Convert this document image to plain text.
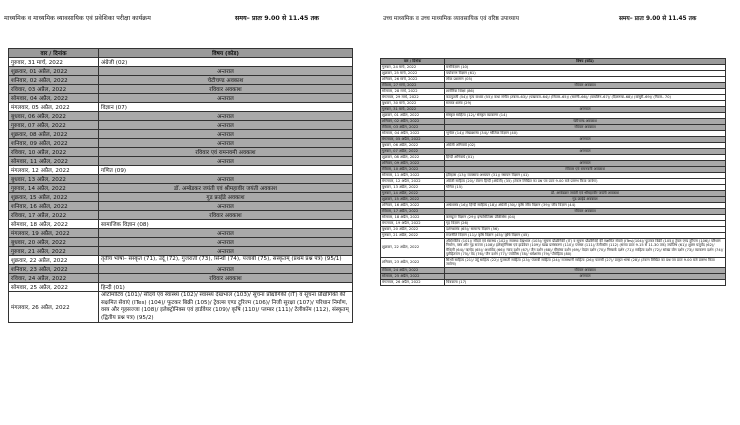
माध्यमिक व माध्यमिक व्यावसायिक एवं प्रवेशिका परीक्षा कार्यक्रम	समय– प्रातः 9.00 से 11.45 तक
वार / दिनांक	विषय (कोड)
गुरुवार, 31 मार्च, 2022	अंग्रेजी (02)
शुक्रवार, 01 अप्रैल, 2022	अन्तराल
शनिवार, 02 अप्रैल, 2022	चेटीचण्ड अवकाश
रविवार, 03 अप्रैल, 2022	रविवार अवकाश
सोमवार, 04 अप्रैल, 2022	अन्तराल
मंगलवार, 05 अप्रैल, 2022	विज्ञान (07)
बुधवार, 06 अप्रैल, 2022	अन्तराल
गुरुवार, 07 अप्रैल, 2022	अन्तराल
शुक्रवार, 08 अप्रैल, 2022	अन्तराल
शनिवार, 09 अप्रैल, 2022	अन्तराल
रविवार, 10 अप्रैल, 2022	रविवार एवं रामनवमी अवकाश
सोमवार, 11 अप्रैल, 2022	अन्तराल
मंगलवार, 12 अप्रैल, 2022	गणित (09)
बुधवार, 13 अप्रैल, 2022	अन्तराल
गुरुवार, 14 अप्रैल, 2022	डॉ. अम्बेडकर जयंती एवं श्रीमहावीर जयंती अवकाश
शुक्रवार, 15 अप्रैल, 2022	गुड फ्राईडे अवकाश
शनिवार, 16 अप्रैल, 2022	अन्तराल
रविवार, 17 अप्रैल, 2022	रविवार अवकाश
सोमवार, 18 अप्रैल, 2022	सामाजिक विज्ञान (08)
मंगलवार, 19 अप्रैल, 2022	अन्तराल
बुधवार, 20 अप्रैल, 2022	अन्तराल
गुरुवार, 21 अप्रैल, 2022	अन्तराल
शुक्रवार, 22 अप्रैल, 2022	तृतीय भाषा– संस्कृत (71), उर्दू (72), गुजराती (73), सिन्धी (74), पंजाबी (75), संस्कृतम् (प्रथम प्रश्न पत्र) (95/1)
शनिवार, 23 अप्रैल, 2022	अन्तराल
रविवार, 24 अप्रैल, 2022	रविवार अवकाश
सोमवार, 25 अप्रैल, 2022	हिन्दी (01)
मंगलवार, 26 अप्रैल, 2022	ऑटोमोटिव (101)/ सौंदर्य एवं स्वास्थ्य (102)/ स्वास्थ्य देखभाल (103)/ सूचना प्रौद्योगिकी (IT) व सूचना प्रौद्योगिकी की सक्षमित सेवाएं (ITes) (104)/ फूटकर बिक्री (105)/ ट्रेवल्स एण्ड टूरिज्म (106)/ निजी सुरक्षा (107)/ परिधान निर्माण, वस्त्र और गृहसज्जा (108)/ इलेक्ट्रोनिक्स एवं हार्डवेयर (109)/ कृषि (110)/ प्लम्बर (111)/ टेलीकॉम (112), संस्कृतम् (द्वितीय प्रश्न पत्र) (95/2)
उच्च माध्यमिक व उच्च माध्यमिक व्यावसायिक एवं वरिष्ठ उपाध्याय	समय– प्रातः 9.00 से 11.45 तक
वार / दिनांक	विषय (कोड)
गुरुवार, 24 मार्च, 2022	मनोविज्ञान (10)
शुक्रवार, 25 मार्च, 2022	पर्यावरण विज्ञान (61)
शनिवार, 26 मार्च, 2022	लोक प्रशासन (05)
रविवार, 27 मार्च, 2022	रविवार अवकाश
सोमवार, 28 मार्च, 2022	शारीरिक शिक्षा (86)
मंगलवार, 29 मार्च, 2022	कठपुतली (54)/ नृत्य कथक (55)/ कथा संगीत (तबला–63)/ (पखावज–64)/ (सितार–65)/ (सारंगी–66)/ (वायलिन–67)/ (दिलरूबा–68)/ (बांसुरी–69)/ (गिटार– 70)
बुधवार, 30 मार्च, 2022	समाज शास्त्र (29)
गुरुवार, 31 मार्च, 2022	अन्तराल
शुक्रवार, 01 अप्रैल, 2022	संस्कृत साहित्य (12)/ संस्कृत व्याकरण (14)
शनिवार, 02 अप्रैल, 2022	चेटीचण्ड अवकाश
रविवार, 03 अप्रैल, 2022	रविवार अवकाश
सोमवार, 04 अप्रैल, 2022	भूगोल (14)/ लेखाशास्त्र (34)/ भौतिक विज्ञान (40)
मंगलवार, 05 अप्रैल, 2022	अन्तराल
बुधवार, 06 अप्रैल, 2022	अंग्रेजी अनिवार्य (02)
गुरुवार, 07 अप्रैल, 2022	अन्तराल
शुक्रवार, 08 अप्रैल, 2022	हिन्दी अनिवार्य (01)
शनिवार, 09 अप्रैल, 2022	अन्तराल
रविवार, 10 अप्रैल, 2022	रविवार एवं रामनवमी अवकाश
सोमवार, 11 अप्रैल, 2022	इतिहास (13)/ व्यवसाय अध्ययन (31)/ रसायन विज्ञान (41)
मंगलवार, 12 अप्रैल, 2022	अंग्रेजी साहित्य (20)/ टंकण हिन्दी (अंग्रेजी) (35) (टंकण लिखित का प्रश्न पत्र प्रातः 9.00 बजे प्रारम्भ किया जावेगा)
बुधवार, 13 अप्रैल, 2022	गणित (15)
गुरुवार, 14 अप्रैल, 2022	डॉ. अम्बेडकर जयंती एवं श्रीमहावीर जयंती अवकाश
शुक्रवार, 15 अप्रैल, 2022	गुड फ्राईडे अवकाश
शनिवार, 16 अप्रैल, 2022	अर्थशास्त्र (16)/ हिन्दी साहित्य (18)/ अंग्रेजी (30)/ कृषि जीव विज्ञान (39)/ जीव विज्ञान (44)
रविवार, 17 अप्रैल, 2022	रविवार अवकाश
सोमवार, 18 अप्रैल, 2022	कम्प्यूटर विज्ञान (29)/ इन्फोमेटिक्स प्रेक्टिसेस (04)
मंगलवार, 19 अप्रैल, 2022	गृह विज्ञान (26)
बुधवार, 20 अप्रैल, 2022	दर्शनशास्त्र (65)/ सामान्य विज्ञान (56)
गुरुवार, 21 अप्रैल, 2022	राजनीति विज्ञान (11)/ कृषि विज्ञान (45)/ कृषि विज्ञान (45)
शुक्रवार, 22 अप्रैल, 2022	ऑटोमोटिव (101)/ सौंदर्य एवं स्वास्थ्य (102)/ स्वास्थ्य देखभाल (103)/ सूचना प्रौद्योगिकी (IT) व सूचना प्रौद्योगिकी की सक्षमित सेवाएं (ITes)(104)/ फूटकर बिक्री (105)/ ट्रेवल एण्ड टूरिज्म (106)/ परिधान निर्माण, वस्त्र और गृह सज्जा (108)/ इलेक्ट्रोनिक्स एवं हार्डवेयर (109)/ खाद्य प्रसंस्करण (110)/ प्लम्बर (111)/ टेलीकॉम (112) (समय प्रातः 9.15 से 11.30 तक) ज्योतिष (61)/ शुक्ल यजुर्वेद (62)/ मैथिली (64)/ ऋग्वेद (65)/ अथर्ववेद (66)/ न्याय दर्शन (67)/ जैन दर्शन (68)/ मीमांसा दर्शन (69)/ वेदांत दर्शन (70)/ निम्बार्क दर्शन (71)/ साहित्य दर्शन (72)/ सांख्य योग दर्शन (73)/ व्याकरण दर्शन (74)/ पुरोहितरत्न (75)/ वेद (76)/ जैन दर्शन (77)/ ज्योतिष (78)/ धर्मशास्त्र (79)/ पौरोहित्य (80)
शनिवार, 23 अप्रैल, 2022	सिन्धी साहित्य (21)/ उर्दू साहित्य (22)/ गुजराती साहित्य (23)/ पंजाबी साहित्य (24)/ राजस्थानी साहित्य (26)/ फारसी (27)/ प्राकृत भाषा (28)/ (टंकण लिखित का प्रश्न पत्र प्रातः 9.00 बजे प्रारम्भ किया जावेगा)
रविवार, 24 अप्रैल, 2022	रविवार अवकाश
सोमवार, 25 अप्रैल, 2022	अन्तराल
मंगलवार, 26 अप्रैल, 2022	चित्रकला (17)
